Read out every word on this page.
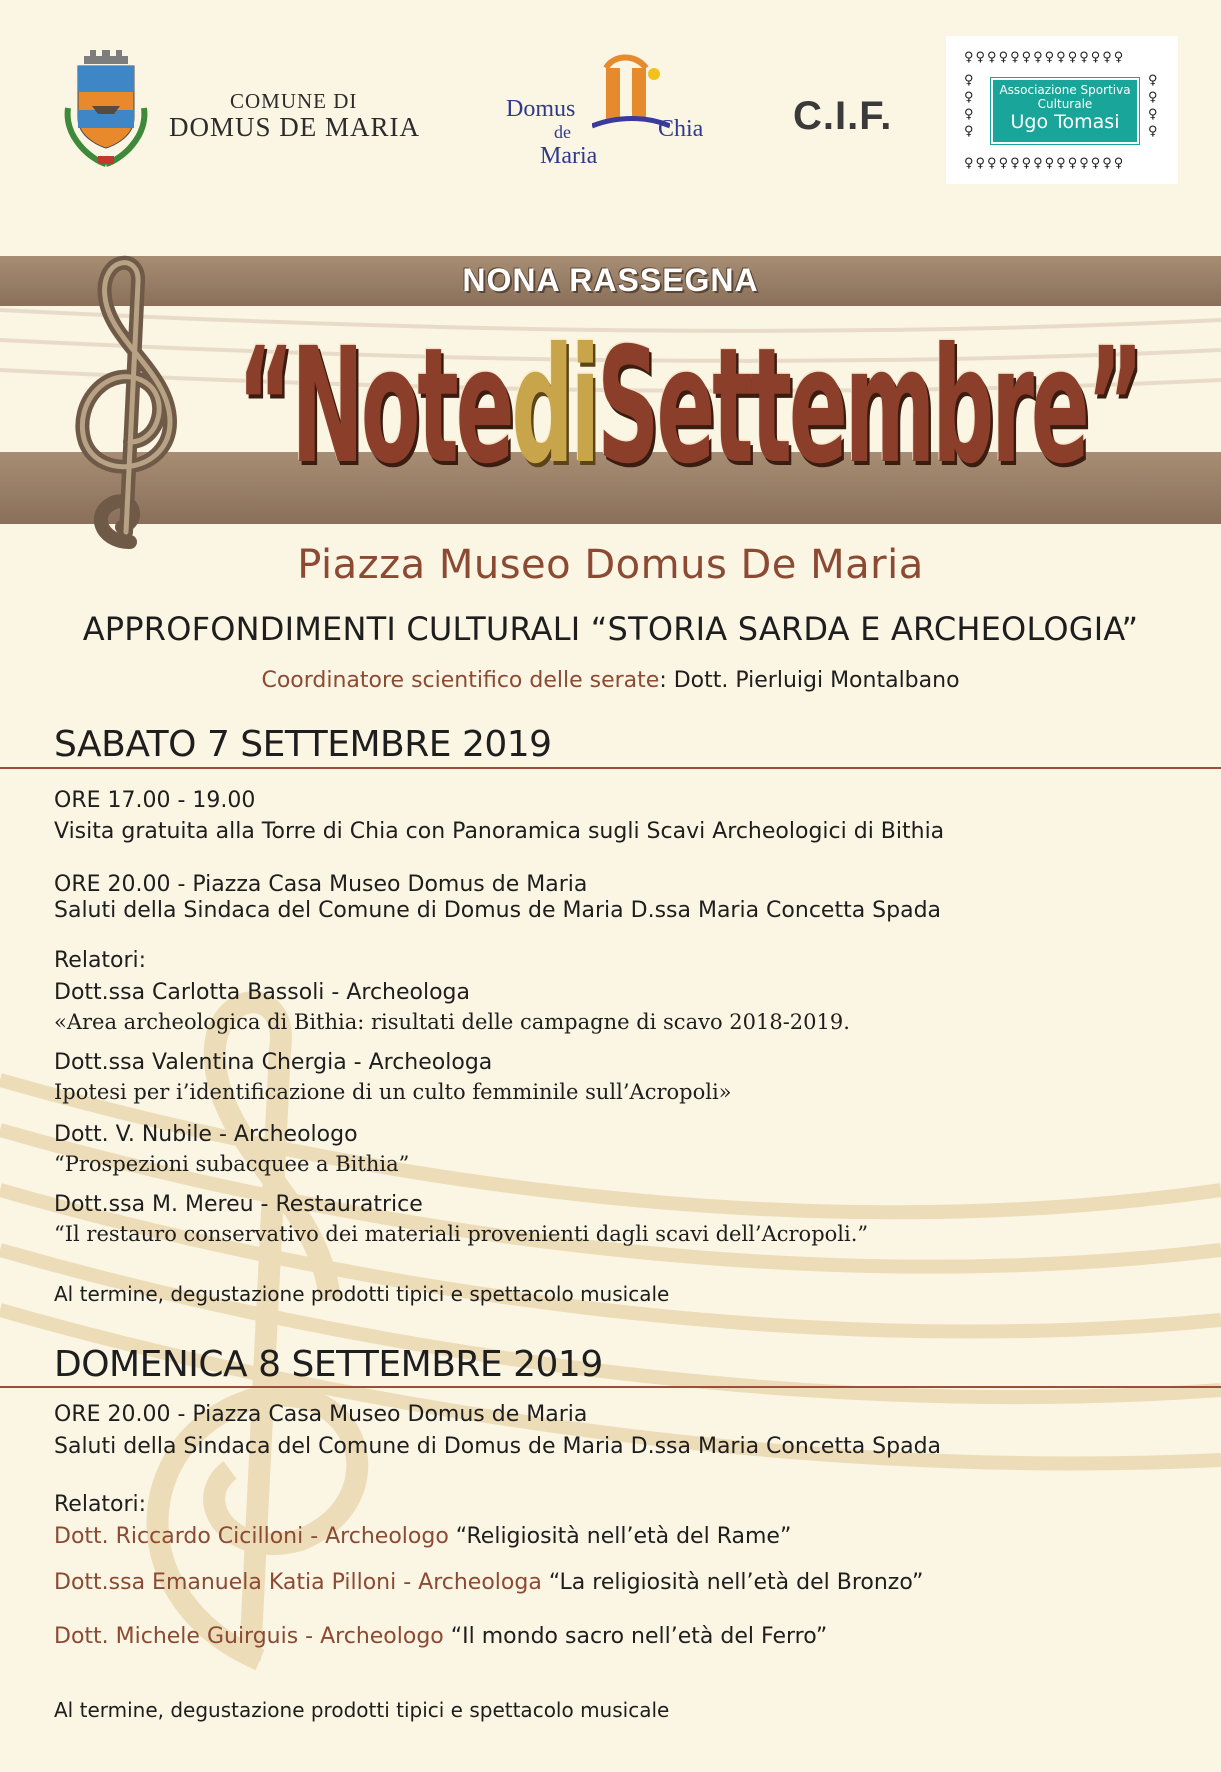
COMUNE DI
DOMUS DE MARIA
Domus
de
Maria
Chia C.I.F.
♀♀♀♀♀♀♀♀♀♀♀♀♀♀
♀♀♀♀♀♀♀♀♀♀♀♀♀♀
♀
♀
♀
♀
♀
♀
♀
♀
Associazione Sportiva
Culturale
Ugo Tomasi
NONA RASSEGNA
“NotediSettembre”
Piazza Museo Domus De Maria
APPROFONDIMENTI CULTURALI “STORIA SARDA E ARCHEOLOGIA”
Coordinatore scientifico delle serate: Dott. Pierluigi Montalbano
SABATO 7 SETTEMBRE 2019
ORE 17.00 - 19.00
Visita gratuita alla Torre di Chia con Panoramica sugli Scavi Archeologici di Bithia
ORE 20.00 - Piazza Casa Museo Domus de Maria
Saluti della Sindaca del Comune di Domus de Maria D.ssa Maria Concetta Spada
Relatori:
Dott.ssa Carlotta Bassoli - Archeologa
«Area archeologica di Bithia: risultati delle campagne di scavo 2018-2019.
Dott.ssa Valentina Chergia - Archeologa
Ipotesi per i’identificazione di un culto femminile sull’Acropoli»
Dott. V. Nubile - Archeologo
“Prospezioni subacquee a Bithia”
Dott.ssa M. Mereu - Restauratrice
“Il restauro conservativo dei materiali provenienti dagli scavi dell’Acropoli.”
Al termine, degustazione prodotti tipici e spettacolo musicale
DOMENICA 8 SETTEMBRE 2019
ORE 20.00 - Piazza Casa Museo Domus de Maria
Saluti della Sindaca del Comune di Domus de Maria D.ssa Maria Concetta Spada
Relatori:
Dott. Riccardo Cicilloni - Archeologo “Religiosità nell’età del Rame”
Dott.ssa Emanuela Katia Pilloni - Archeologa “La religiosità nell’età del Bronzo”
Dott. Michele Guirguis - Archeologo “Il mondo sacro nell’età del Ferro”
Al termine, degustazione prodotti tipici e spettacolo musicale
